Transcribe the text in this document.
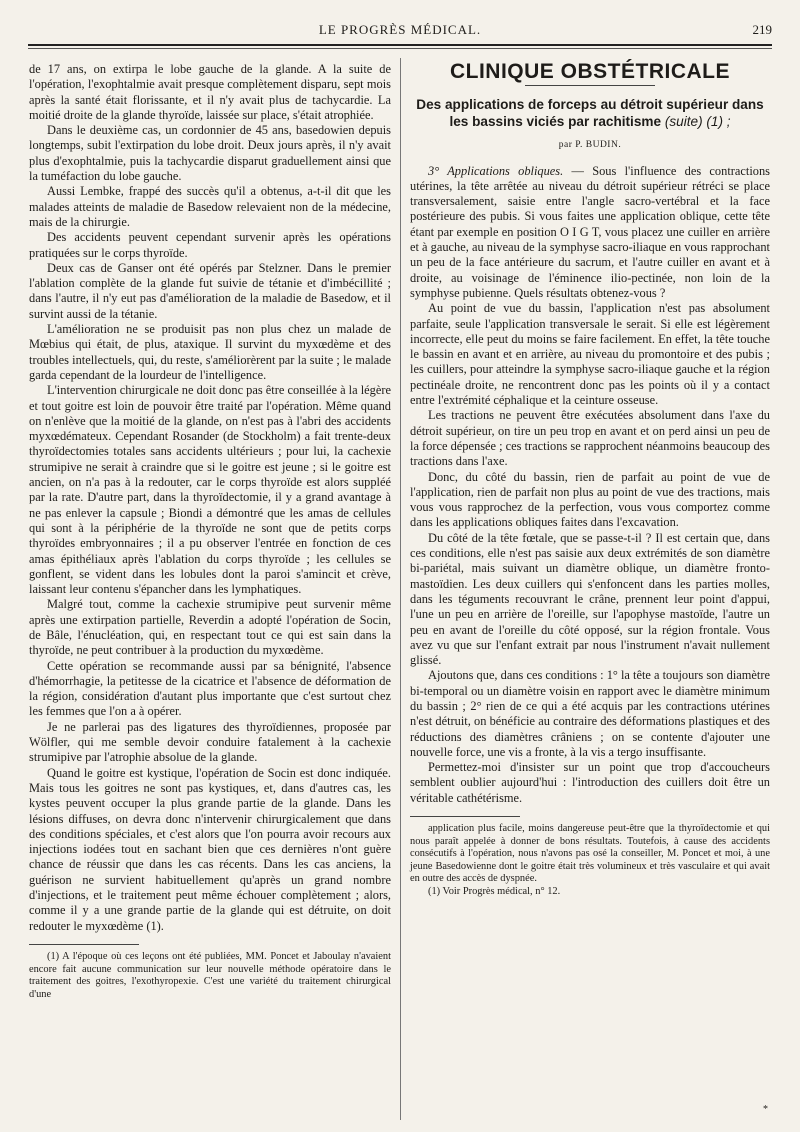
LE PROGRÈS MÉDICAL.	219

de 17 ans, on extirpa le lobe gauche de la glande. A la suite de l'opération, l'exophtalmie avait presque complètement disparu, sept mois après la santé était florissante, et il n'y avait plus de tachycardie. La moitié droite de la glande thyroïde, laissée sur place, s'était atrophiée.

Dans le deuxième cas, un cordonnier de 45 ans, basedowien depuis longtemps, subit l'extirpation du lobe droit. Deux jours après, il n'y avait plus d'exophtalmie, puis la tachycardie disparut graduellement ainsi que la tuméfaction du lobe gauche.

Aussi Lembke, frappé des succès qu'il a obtenus, a-t-il dit que les malades atteints de maladie de Basedow relevaient non de la médecine, mais de la chirurgie.

Des accidents peuvent cependant survenir après les opérations pratiquées sur le corps thyroïde.

Deux cas de Ganser ont été opérés par Stelzner. Dans le premier l'ablation complète de la glande fut suivie de tétanie et d'imbécillité ; dans l'autre, il n'y eut pas d'amélioration de la maladie de Basedow, et il survint aussi de la tétanie.

L'amélioration ne se produisit pas non plus chez un malade de Mœbius qui était, de plus, ataxique. Il survint du myxœdème et des troubles intellectuels, qui, du reste, s'améliorèrent par la suite ; le malade garda cependant de la lourdeur de l'intelligence.

L'intervention chirurgicale ne doit donc pas être conseillée à la légère et tout goitre est loin de pouvoir être traité par l'opération. Même quand on n'enlève que la moitié de la glande, on n'est pas à l'abri des accidents myxœdémateux. Cependant Rosander (de Stockholm) a fait trente-deux thyroïdectomies totales sans accidents ultérieurs ; pour lui, la cachexie strumipive ne serait à craindre que si le goitre est jeune ; si le goitre est ancien, on n'a pas à la redouter, car le corps thyroïde est alors suppléé par la rate. D'autre part, dans la thyroïdectomie, il y a grand avantage à ne pas enlever la capsule ; Biondi a démontré que les amas de cellules qui sont à la périphérie de la thyroïde ne sont que de petits corps thyroïdes embryonnaires ; il a pu observer l'entrée en fonction de ces amas épithéliaux après l'ablation du corps thyroïde ; les cellules se gonflent, se vident dans les lobules dont la paroi s'amincit et crève, laissant leur contenu s'épancher dans les lymphatiques.

Malgré tout, comme la cachexie strumipive peut survenir même après une extirpation partielle, Reverdin a adopté l'opération de Socin, de Bâle, l'énucléation, qui, en respectant tout ce qui est sain dans la thyroïde, ne peut contribuer à la production du myxœdème.

Cette opération se recommande aussi par sa bénignité, l'absence d'hémorrhagie, la petitesse de la cicatrice et l'absence de déformation de la région, considération d'autant plus importante que c'est surtout chez les femmes que l'on a à opérer.

Je ne parlerai pas des ligatures des thyroïdiennes, proposée par Wölfler, qui me semble devoir conduire fatalement à la cachexie strumipive par l'atrophie absolue de la glande.

Quand le goitre est kystique, l'opération de Socin est donc indiquée. Mais tous les goitres ne sont pas kystiques, et, dans d'autres cas, les kystes peuvent occuper la plus grande partie de la glande. Dans les lésions diffuses, on devra donc n'intervenir chirurgicalement que dans des conditions spéciales, et c'est alors que l'on pourra avoir recours aux injections iodées tout en sachant bien que ces dernières n'ont guère chance de réussir que dans les cas récents. Dans les cas anciens, la guérison ne survient habituellement qu'après un grand nombre d'injections, et le traitement peut même échouer complètement ; alors, comme il y a une grande partie de la glande qui est détruite, on doit redouter le myxœdème (1).

(1) A l'époque où ces leçons ont été publiées, MM. Poncet et Jaboulay n'avaient encore fait aucune communication sur leur nouvelle méthode opératoire dans le traitement des goitres, l'exothyropexie. C'est une variété du traitement chirurgical d'une

CLINIQUE OBSTÉTRICALE
Des applications de forceps au détroit supérieur dans les bassins viciés par rachitisme (suite) (1) ;
par P. BUDIN.

3° Applications obliques. — Sous l'influence des contractions utérines, la tête arrêtée au niveau du détroit supérieur rétréci se place transversalement, saisie entre l'angle sacro-vertébral et la face postérieure des pubis. Si vous faites une application oblique, cette tête étant par exemple en position O I G T, vous placez une cuiller en arrière et à gauche, au niveau de la symphyse sacro-iliaque en vous rapprochant un peu de la face antérieure du sacrum, et l'autre cuiller en avant et à droite, au voisinage de l'éminence ilio-pectinée, non loin de la symphyse pubienne. Quels résultats obtenez-vous ?

Au point de vue du bassin, l'application n'est pas absolument parfaite, seule l'application transversale le serait. Si elle est légèrement incorrecte, elle peut du moins se faire facilement. En effet, la tête touche le bassin en avant et en arrière, au niveau du promontoire et des pubis ; les cuillers, pour atteindre la symphyse sacro-iliaque gauche et la région pectinéale droite, ne rencontrent donc pas les points où il y a contact entre l'extrémité céphalique et la ceinture osseuse.

Les tractions ne peuvent être exécutées absolument dans l'axe du détroit supérieur, on tire un peu trop en avant et on perd ainsi un peu de la force dépensée ; ces tractions se rapprochent néanmoins beaucoup des tractions dans l'axe.

Donc, du côté du bassin, rien de parfait au point de vue de l'application, rien de parfait non plus au point de vue des tractions, mais vous vous rapprochez de la perfection, vous vous comportez comme dans les applications obliques faites dans l'excavation.

Du côté de la tête fœtale, que se passe-t-il ? Il est certain que, dans ces conditions, elle n'est pas saisie aux deux extrémités de son diamètre bi-pariétal, mais suivant un diamètre oblique, un diamètre fronto-mastoïdien. Les deux cuillers qui s'enfoncent dans les parties molles, dans les téguments recouvrant le crâne, prennent leur point d'appui, l'une un peu en arrière de l'oreille, sur l'apophyse mastoïde, l'autre un peu en avant de l'oreille du côté opposé, sur la région frontale. Vous avez vu que sur l'enfant extrait par nous l'instrument n'avait nullement glissé.

Ajoutons que, dans ces conditions : 1° la tête a toujours son diamètre bi-temporal ou un diamètre voisin en rapport avec le diamètre minimum du bassin ; 2° rien de ce qui a été acquis par les contractions utérines n'est détruit, on bénéficie au contraire des déformations plastiques et des réductions des diamètres crâniens ; on se contente d'ajouter une nouvelle force, une vis a fronte, à la vis a tergo insuffisante.

Permettez-moi d'insister sur un point que trop d'accoucheurs semblent oublier aujourd'hui : l'introduction des cuillers doit être un véritable cathétérisme.

application plus facile, moins dangereuse peut-être que la thyroïdectomie et qui nous paraît appelée à donner de bons résultats. Toutefois, à cause des accidents consécutifs à l'opération, nous n'avons pas osé la conseiller, M. Poncet et moi, à une jeune Basedowienne dont le goitre était très volumineux et très vasculaire et qui avait en outre des accès de dyspnée.

(1) Voir Progrès médical, n° 12.

*
